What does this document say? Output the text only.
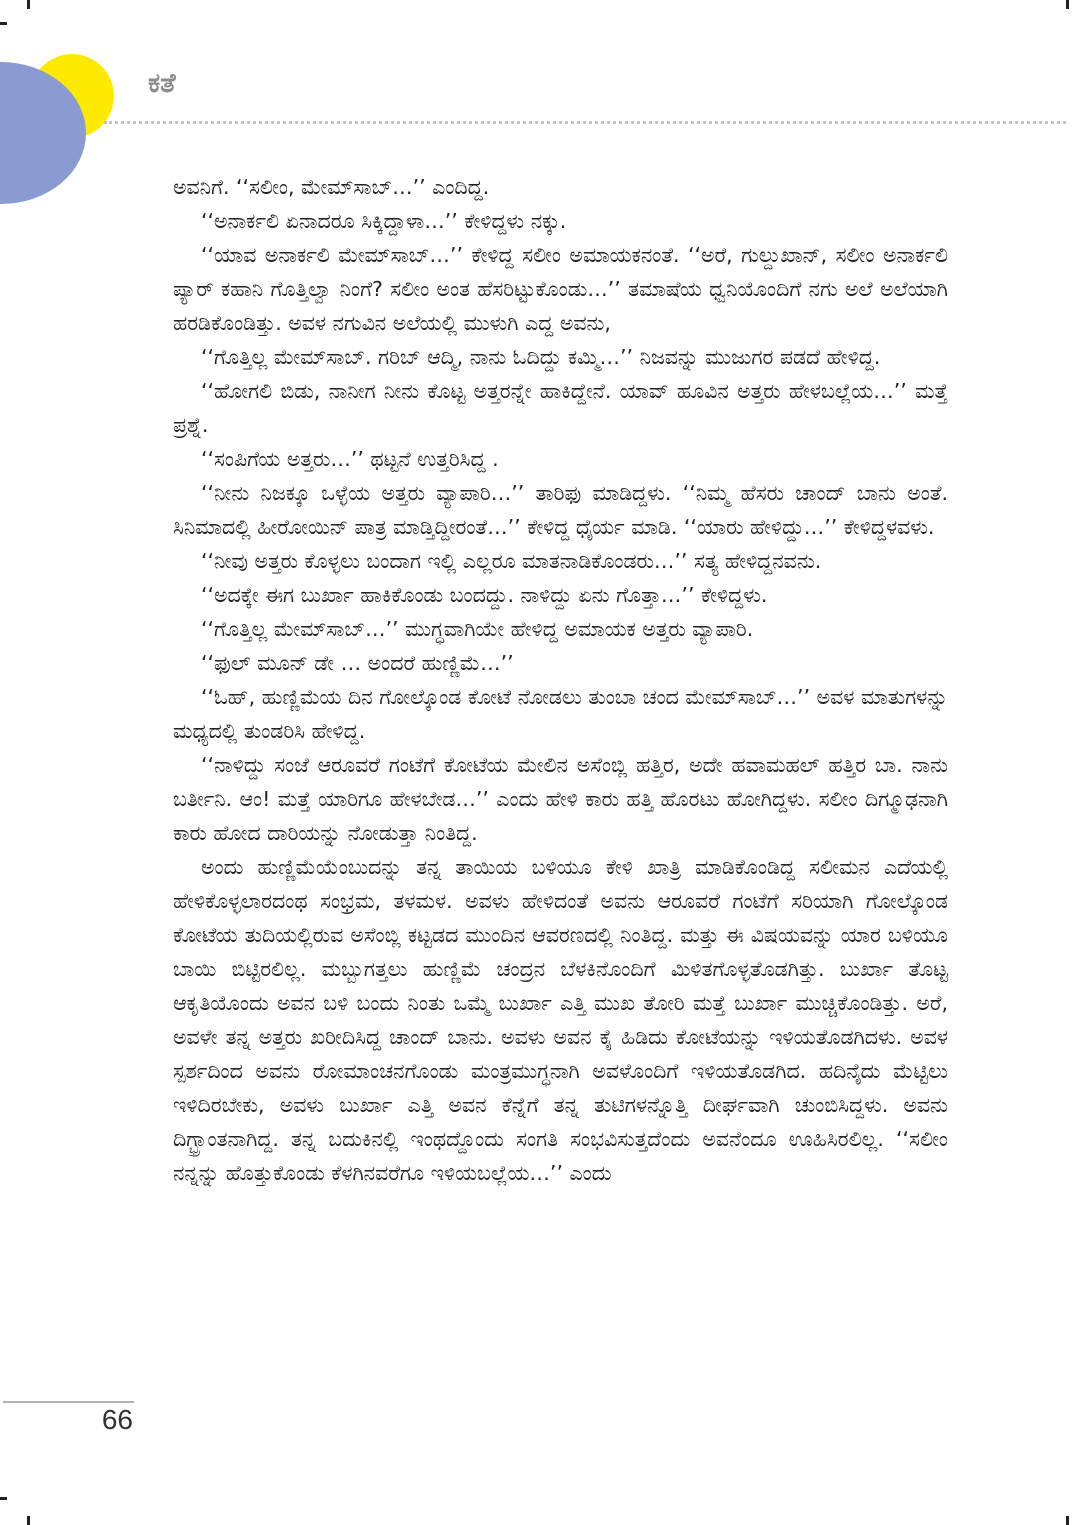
ಕತೆ

ಅವನಿಗೆ. ‘‘ಸಲೀಂ, ಮೇಮ್‌ಸಾಬ್…’’ ಎಂದಿದ್ದ.

‘‘ಅನಾರ್ಕಲಿ ಏನಾದರೂ ಸಿಕ್ಕಿದ್ದಾಳಾ…’’ ಕೇಳಿದ್ದಳು ನಕ್ಕು.

‘‘ಯಾವ ಅನಾರ್ಕಲಿ ಮೇಮ್‌ಸಾಬ್…’’ ಕೇಳಿದ್ದ ಸಲೀಂ ಅಮಾಯಕನಂತೆ. ‘‘ಅರೆ, ಗುಲ್ದುಖಾನ್, ಸಲೀಂ ಅನಾರ್ಕಲಿ ಪ್ಯಾರ್ ಕಹಾನಿ ಗೊತ್ತಿಲ್ವಾ ನಿಂಗೆ? ಸಲೀಂ ಅಂತ ಹೆಸರಿಟ್ಟುಕೊಂಡು…’’ ತಮಾಷೆಯ ಧ್ವನಿಯೊಂದಿಗೆ ನಗು ಅಲೆ ಅಲೆಯಾಗಿ ಹರಡಿಕೊಂಡಿತ್ತು. ಅವಳ ನಗುವಿನ ಅಲೆಯಲ್ಲಿ ಮುಳುಗಿ ಎದ್ದ ಅವನು,

‘‘ಗೊತ್ತಿಲ್ಲ ಮೇಮ್‌ಸಾಬ್. ಗರಿಬ್ ಆದ್ಮಿ, ನಾನು ಓದಿದ್ದು ಕಮ್ಮಿ…’’ ನಿಜವನ್ನು ಮುಜುಗರ ಪಡದೆ ಹೇಳಿದ್ದ.

‘‘ಹೋಗಲಿ ಬಿಡು, ನಾನೀಗ ನೀನು ಕೊಟ್ಟ ಅತ್ತರನ್ನೇ ಹಾಕಿದ್ದೇನೆ. ಯಾವ್ ಹೂವಿನ ಅತ್ತರು ಹೇಳಬಲ್ಲೆಯ…’’ ಮತ್ತೆ ಪ್ರಶ್ನೆ.

‘‘ಸಂಪಿಗೆಯ ಅತ್ತರು…’’ ಥಟ್ಟನೆ ಉತ್ತರಿಸಿದ್ದ .

‘‘ನೀನು ನಿಜಕ್ಕೂ ಒಳ್ಳೆಯ ಅತ್ತರು ವ್ಯಾಪಾರಿ…’’ ತಾರಿಫು ಮಾಡಿದ್ದಳು. ‘‘ನಿಮ್ಮ ಹೆಸರು ಚಾಂದ್ ಬಾನು ಅಂತೆ. ಸಿನಿಮಾದಲ್ಲಿ ಹೀರೋಯಿನ್ ಪಾತ್ರ ಮಾಡ್ತಿದ್ದೀರಂತೆ…’’ ಕೇಳಿದ್ದ ಧೈರ್ಯ ಮಾಡಿ. ‘‘ಯಾರು ಹೇಳಿದ್ದು…’’ ಕೇಳಿದ್ದಳವಳು.

‘‘ನೀವು ಅತ್ತರು ಕೊಳ್ಳಲು ಬಂದಾಗ ಇಲ್ಲಿ ಎಲ್ಲರೂ ಮಾತನಾಡಿಕೊಂಡರು…’’ ಸತ್ಯ ಹೇಳಿದ್ದನವನು.

‘‘ಅದಕ್ಕೇ ಈಗ ಬುರ್ಖಾ ಹಾಕಿಕೊಂಡು ಬಂದದ್ದು. ನಾಳಿದ್ದು ಏನು ಗೊತ್ತಾ…’’ ಕೇಳಿದ್ದಳು.

‘‘ಗೊತ್ತಿಲ್ಲ ಮೇಮ್‌ಸಾಬ್…’’ ಮುಗ್ಧವಾಗಿಯೇ ಹೇಳಿದ್ದ ಅಮಾಯಕ ಅತ್ತರು ವ್ಯಾಪಾರಿ.

‘‘ಫುಲ್ ಮೂನ್ ಡೇ … ಅಂದರೆ ಹುಣ್ಣಿಮೆ…’’

‘‘ಓಹ್, ಹುಣ್ಣಿಮೆಯ ದಿನ ಗೋಲ್ಕೊಂಡ ಕೋಟೆ ನೋಡಲು ತುಂಬಾ ಚಂದ ಮೇಮ್‌ಸಾಬ್…’’ ಅವಳ ಮಾತುಗಳನ್ನು ಮಧ್ಯದಲ್ಲಿ ತುಂಡರಿಸಿ ಹೇಳಿದ್ದ.

‘‘ನಾಳಿದ್ದು ಸಂಜೆ ಆರೂವರೆ ಗಂಟೆಗೆ ಕೋಟೆಯ ಮೇಲಿನ ಅಸೆಂಬ್ಲಿ ಹತ್ತಿರ, ಅದೇ ಹವಾಮಹಲ್ ಹತ್ತಿರ ಬಾ. ನಾನು ಬರ್ತೀನಿ. ಆಂ! ಮತ್ತೆ ಯಾರಿಗೂ ಹೇಳಬೇಡ…’’ ಎಂದು ಹೇಳಿ ಕಾರು ಹತ್ತಿ ಹೊರಟು ಹೋಗಿದ್ದಳು. ಸಲೀಂ ದಿಗ್ಮೂಢನಾಗಿ ಕಾರು ಹೋದ ದಾರಿಯನ್ನು ನೋಡುತ್ತಾ ನಿಂತಿದ್ದ.

ಅಂದು ಹುಣ್ಣಿಮೆಯೆಂಬುದನ್ನು ತನ್ನ ತಾಯಿಯ ಬಳಿಯೂ ಕೇಳಿ ಖಾತ್ರಿ ಮಾಡಿಕೊಂಡಿದ್ದ ಸಲೀಮನ ಎದೆಯಲ್ಲಿ ಹೇಳಿಕೊಳ್ಳಲಾರದಂಥ ಸಂಭ್ರಮ, ತಳಮಳ. ಅವಳು ಹೇಳಿದಂತೆ ಅವನು ಆರೂವರೆ ಗಂಟೆಗೆ ಸರಿಯಾಗಿ ಗೋಲ್ಕೊಂಡ ಕೋಟೆಯ ತುದಿಯಲ್ಲಿರುವ ಅಸೆಂಬ್ಲಿ ಕಟ್ಟಡದ ಮುಂದಿನ ಆವರಣದಲ್ಲಿ ನಿಂತಿದ್ದ. ಮತ್ತು ಈ ವಿಷಯವನ್ನು ಯಾರ ಬಳಿಯೂ ಬಾಯಿ ಬಿಟ್ಟಿರಲಿಲ್ಲ. ಮಬ್ಬುಗತ್ತಲು ಹುಣ್ಣಿಮೆ ಚಂದ್ರನ ಬೆಳಕಿನೊಂದಿಗೆ ಮಿಳಿತಗೊಳ್ಳತೊಡಗಿತ್ತು. ಬುರ್ಖಾ ತೊಟ್ಟ ಆಕೃತಿಯೊಂದು ಅವನ ಬಳಿ ಬಂದು ನಿಂತು ಒಮ್ಮೆ ಬುರ್ಖಾ ಎತ್ತಿ ಮುಖ ತೋರಿ ಮತ್ತೆ ಬುರ್ಖಾ ಮುಚ್ಚಿಕೊಂಡಿತ್ತು. ಅರೆ, ಅವಳೇ ತನ್ನ ಅತ್ತರು ಖರೀದಿಸಿದ್ದ ಚಾಂದ್ ಬಾನು. ಅವಳು ಅವನ ಕೈ ಹಿಡಿದು ಕೋಟೆಯನ್ನು ಇಳಿಯತೊಡಗಿದಳು. ಅವಳ ಸ್ಪರ್ಶದಿಂದ ಅವನು ರೋಮಾಂಚನಗೊಂಡು ಮಂತ್ರಮುಗ್ಧನಾಗಿ ಅವಳೊಂದಿಗೆ ಇಳಿಯತೊಡಗಿದ. ಹದಿನೈದು ಮೆಟ್ಟಿಲು ಇಳಿದಿರಬೇಕು, ಅವಳು ಬುರ್ಖಾ ಎತ್ತಿ ಅವನ ಕೆನ್ನೆಗೆ ತನ್ನ ತುಟಿಗಳನ್ನೊತ್ತಿ ದೀರ್ಘವಾಗಿ ಚುಂಬಿಸಿದ್ದಳು. ಅವನು ದಿಗ್ಭ್ರಾಂತನಾಗಿದ್ದ. ತನ್ನ ಬದುಕಿನಲ್ಲಿ ಇಂಥದ್ದೊಂದು ಸಂಗತಿ ಸಂಭವಿಸುತ್ತದೆಂದು ಅವನೆಂದೂ ಊಹಿಸಿರಲಿಲ್ಲ. ‘‘ಸಲೀಂ ನನ್ನನ್ನು ಹೊತ್ತುಕೊಂಡು ಕೆಳಗಿನವರೆಗೂ ಇಳಿಯಬಲ್ಲೆಯ…’’ ಎಂದು

66
